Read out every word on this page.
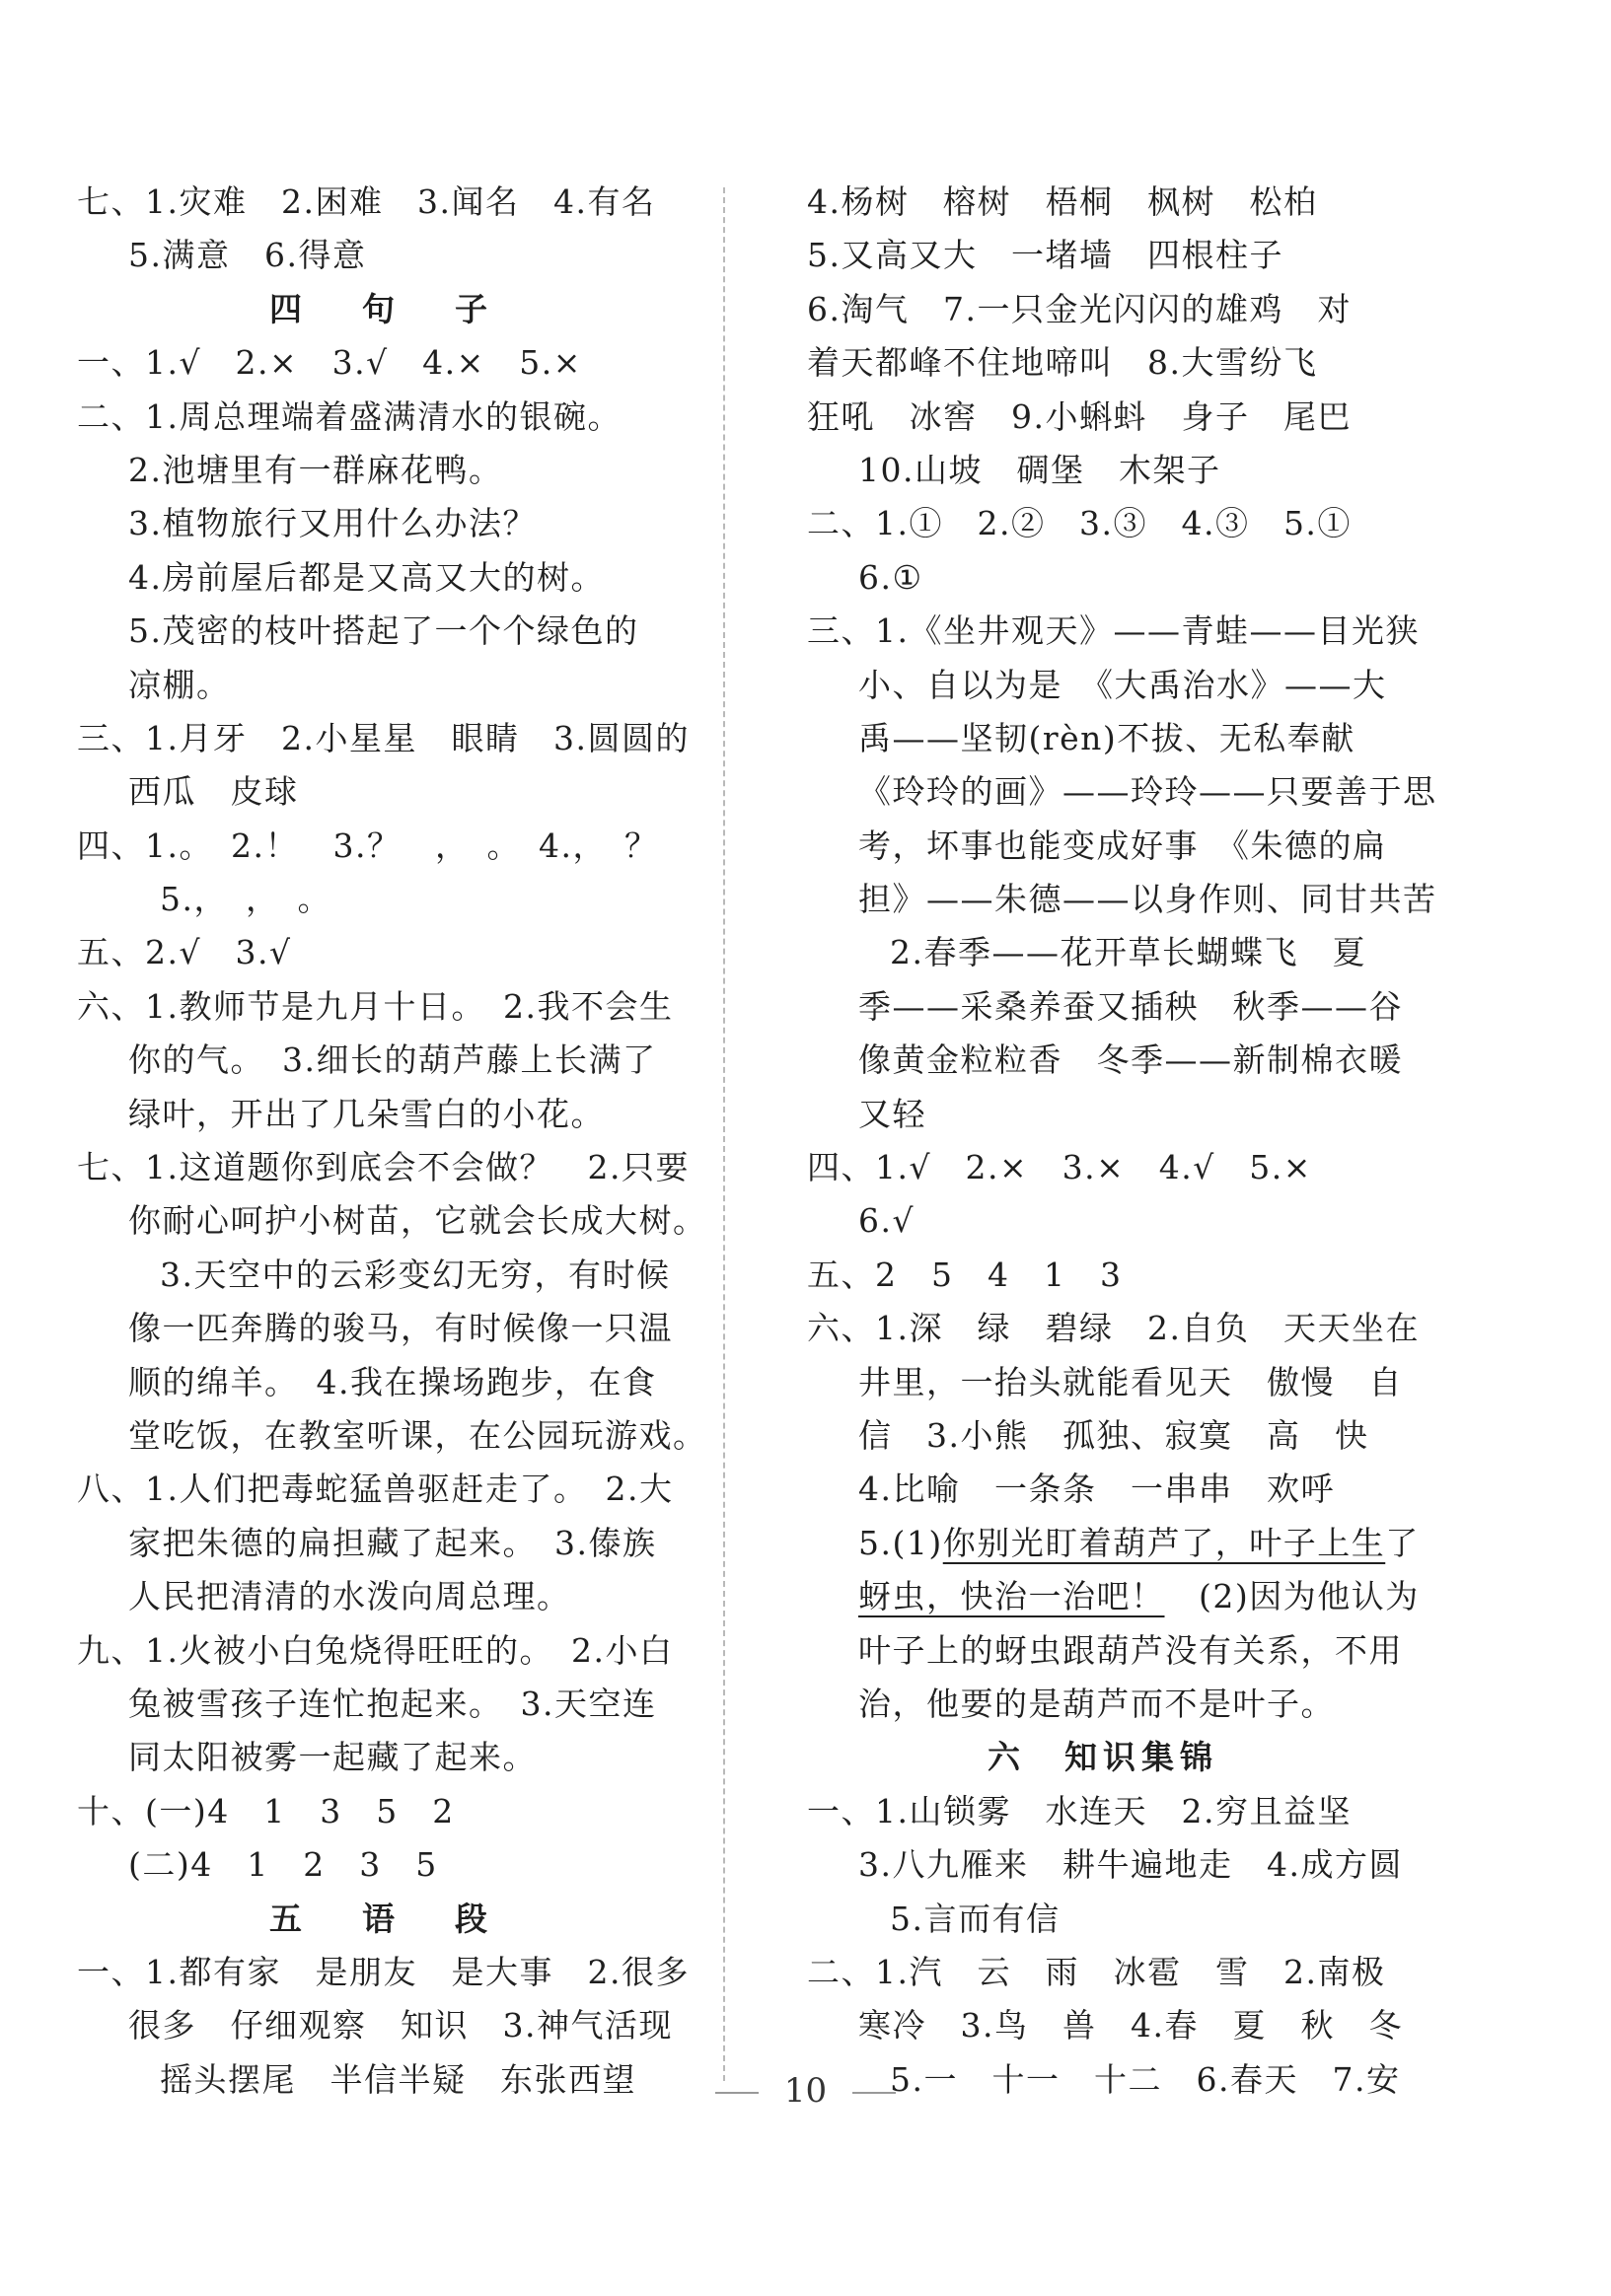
七、1.灾难　2.困难　3.闻名　4.有名
5.满意　6.得意
四　句　子
一、1.√　2.×　3.√　4.×　5.×
二、1.周总理端着盛满清水的银碗。
2.池塘里有一群麻花鸭。
3.植物旅行又用什么办法？
4.房前屋后都是又高又大的树。
5.茂密的枝叶搭起了一个个绿色的
凉棚。
三、1.月牙　2.小星星　眼睛　3.圆圆的
西瓜　皮球
四、1.。　2.！　3.？　，　。　4.，　？
5.，　，　。
五、2.√　3.√
六、1.教师节是九月十日。　2.我不会生
你的气。　3.细长的葫芦藤上长满了
绿叶，开出了几朵雪白的小花。
七、1.这道题你到底会不会做？　2.只要
你耐心呵护小树苗，它就会长成大树。
3.天空中的云彩变幻无穷，有时候
像一匹奔腾的骏马，有时候像一只温
顺的绵羊。　4.我在操场跑步，在食
堂吃饭，在教室听课，在公园玩游戏。
八、1.人们把毒蛇猛兽驱赶走了。　2.大
家把朱德的扁担藏了起来。　3.傣族
人民把清清的水泼向周总理。
九、1.火被小白兔烧得旺旺的。　2.小白
兔被雪孩子连忙抱起来。　3.天空连
同太阳被雾一起藏了起来。
十、(一)4　1　3　5　2
(二)4　1　2　3　5
五　语　段
一、1.都有家　是朋友　是大事　2.很多
很多　仔细观察　知识　3.神气活现
摇头摆尾　半信半疑　东张西望
4.杨树　榕树　梧桐　枫树　松柏
5.又高又大　一堵墙　四根柱子
6.淘气　7.一只金光闪闪的雄鸡　对
着天都峰不住地啼叫　8.大雪纷飞
狂吼　冰窖　9.小蝌蚪　身子　尾巴
10.山坡　碉堡　木架子
二、1.①　2.②　3.③　4.③　5.①
6.①
三、1.《坐井观天》——青蛙——目光狭
小、自以为是　《大禹治水》——大
禹——坚韧(rèn)不拔、无私奉献
《玲玲的画》——玲玲——只要善于思
考，坏事也能变成好事　《朱德的扁
担》——朱德——以身作则、同甘共苦
2.春季——花开草长蝴蝶飞　夏
季——采桑养蚕又插秧　秋季——谷
像黄金粒粒香　冬季——新制棉衣暖
又轻
四、1.√　2.×　3.×　4.√　5.×
6.√
五、2　5　4　1　3
六、1.深　绿　碧绿　2.自负　天天坐在
井里，一抬头就能看见天　傲慢　自
信　3.小熊　孤独、寂寞　高　快
4.比喻　一条条　一串串　欢呼
5.(1)你别光盯着葫芦了，叶子上生了
蚜虫，快治一治吧！　(2)因为他认为
叶子上的蚜虫跟葫芦没有关系，不用
治，他要的是葫芦而不是叶子。
六　知识集锦
一、1.山锁雾　水连天　2.穷且益坚
3.八九雁来　耕牛遍地走　4.成方圆
5.言而有信
二、1.汽　云　雨　冰雹　雪　2.南极
寒冷　3.鸟　兽　4.春　夏　秋　冬
5.一　十一　十二　6.春天　7.安
10
